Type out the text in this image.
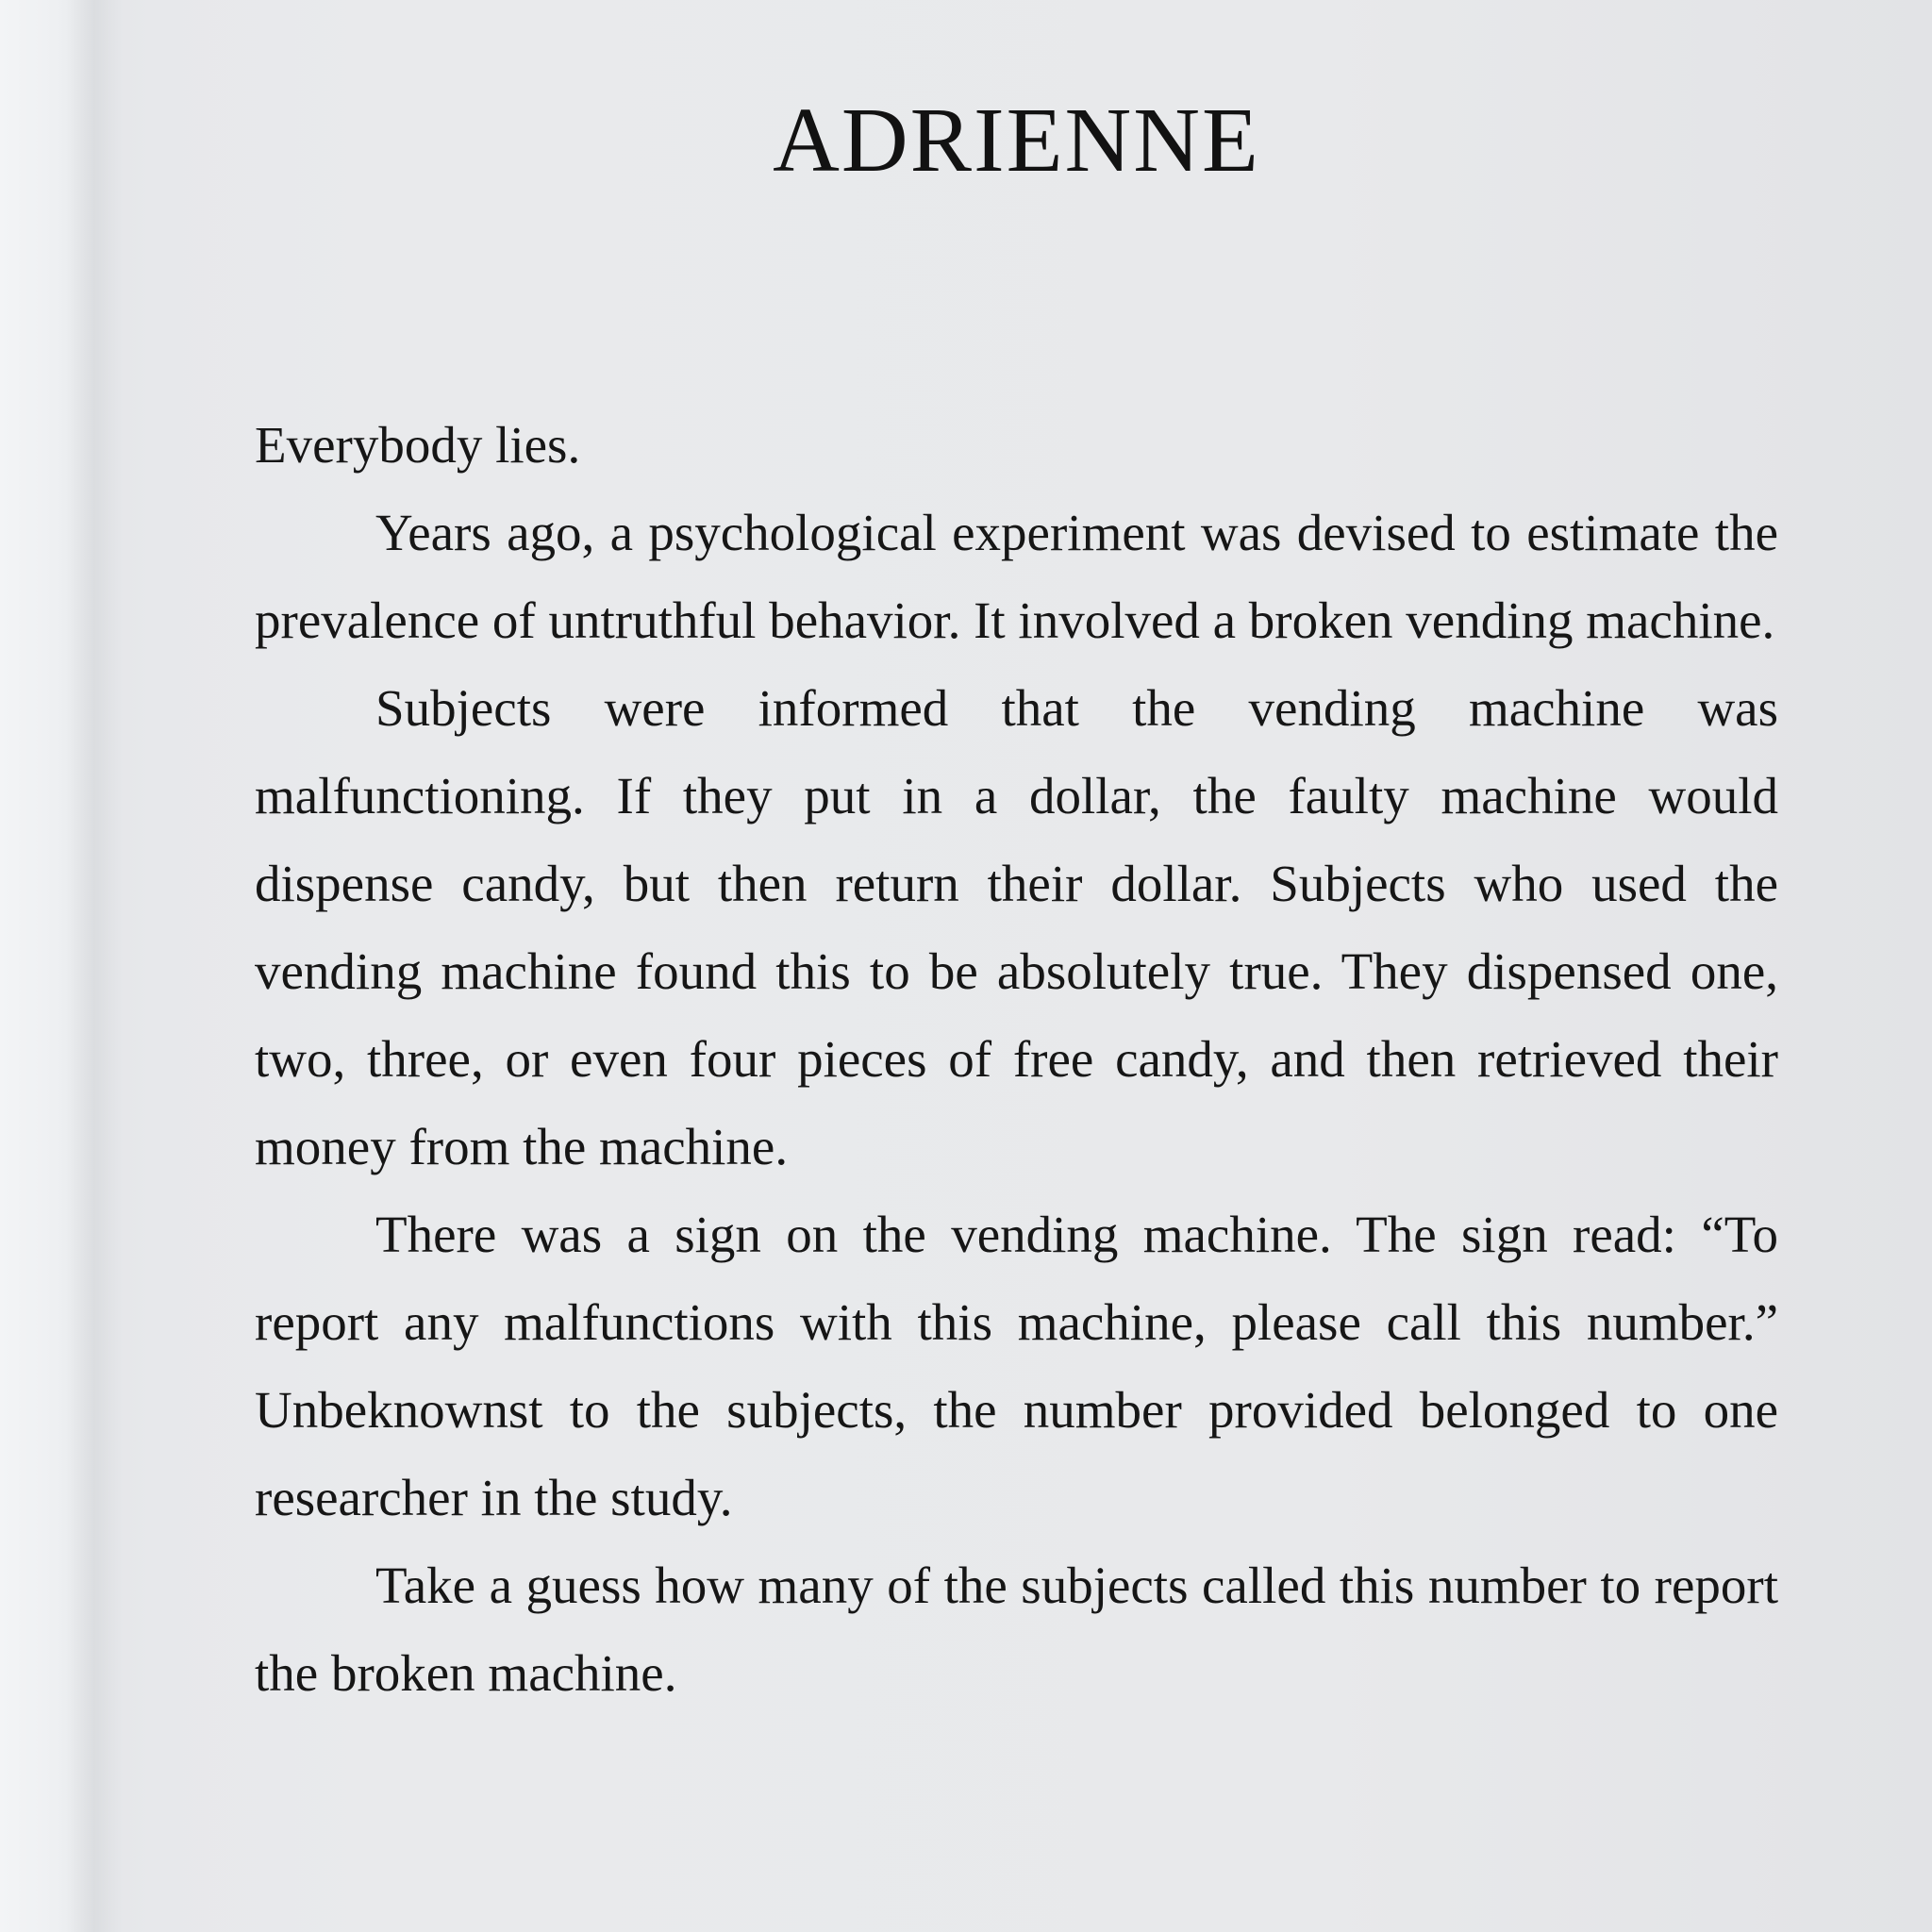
ADRIENNE

Everybody lies.

Years ago, a psychological experiment was devised to estimate the prevalence of untruthful behavior. It involved a broken vending machine.

Subjects were informed that the vending machine was malfunctioning. If they put in a dollar, the faulty machine would dispense candy, but then return their dollar. Subjects who used the vending machine found this to be absolutely true. They dispensed one, two, three, or even four pieces of free candy, and then retrieved their money from the machine.

There was a sign on the vending machine. The sign read: “To report any malfunctions with this machine, please call this number.” Unbeknownst to the subjects, the number provided belonged to one researcher in the study.

Take a guess how many of the subjects called this number to report the broken machine.
